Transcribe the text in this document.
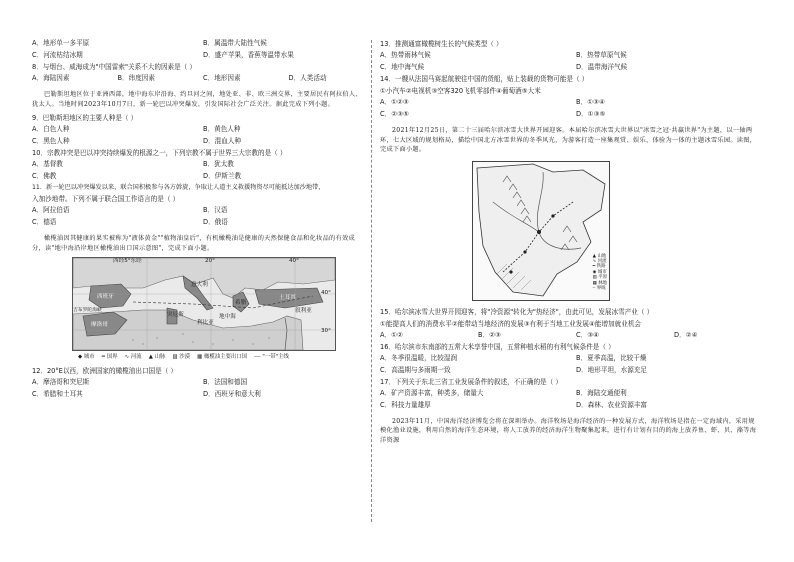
A．地形单一多平原	B．属温带大陆性气候
C．河流枯结冰期	D．盛产苹果，香蕉等温带水果
8．与烟台、威海成为"中国雷索"关系不大的因素是（ ）
A．海陆因素	B．纬度因素	C．地形因素	D．人类活动
巴勒斯坦地区位于亚洲西部，地中海东岸沿海、约旦河之间，地处亚、非、欧三洲交界，主要居民有阿拉伯人、犹太人。当地时间2023年10月7日，新一轮巴以冲突爆发，引发国际社会广泛关注。据此完成下列小题。
9．巴勒斯坦地区的主要人种是（ ）
A．白色人种	B．黄色人种
C．黑色人种	D．混血人种
10．宗教冲突是巴以冲突持续爆发的根源之一，下列宗教不属于世界三大宗教的是（ ）
A．基督教	B．犹太教
C．佛教	D．伊斯兰教
11．新一轮巴以冲突爆发以来，联合国积极参与各方斡旋，争取让人道主义救援物资尽可能抵达加沙地带，
入加沙地带。下列不属于联合国工作语言的是（ ）
A．阿拉伯语	B．汉语
C．德语	D．俄语
橄榄油因其健康的果实被称为"液体黄金""植物油皇后"，有机橄榄油是健康的天然保健食品和化妆品的有效成分，读"地中海沿岸地区橄榄油出口国示意图"，完成下面小题。
西经5°东经	20°	40°
40°
30°
西班牙
意大利
土耳其
希腊
突尼斯
摩洛哥	利比亚
叙利亚
地中海
吉布罗陀海峡
◆ 城市　 ━ 国界　 ∿ 河流　 ▲ 山脉　 ▨ 沙漠　 ▦ 橄榄油主要出口国　 ┄┄ "一带"主线
12．20°E以西，欧洲国家的橄榄油出口国是（ ）
A．摩洛哥和突尼斯	B．法国和德国
C．希腊和土耳其	D．西班牙和意大利
13．推测通富橄榄树生长的气候类型（ ）
A．热带雨林气候	B．热带草原气候
C．地中海气候	D．温带海洋气候
14．一艘从法国马赛起航驶往中国的货船，贴上装载的货物可能是（ ）
①小汽车②电视机③空客320飞机零部件④葡萄酒⑤大米
A．①②③	B．①③④
C．②③⑤	D．①③⑤
2021年12月25日，第二十三届哈尔滨冰雪大世界开园迎客。本届哈尔滨冰雪大世界以"冰雪之冠·共赢世界"为主题，以一轴两环，七大区域的规划格局，描绘中国北方冰雪世界的冬季风光，为游客打造一座集观赏、娱乐、体验为一体的主题冰雪乐园。读图，完成下面小题。
▲ 山地
∿ 河流
━ 铁路
◉ 城市
▨ 平原
▦ 林地
┄ 界线
15．哈尔滨冰雪大世界开园迎客，将"冷资源"转化为"热经济"，由此可见，发展冰雪产业（ ）
①能提高人们的消费水平②能带动当地经济的发展③有利于当地工业发展④能增加就业机会
A．①②	B．②③	C．③④	D．②④
16．哈尔滨市东南部的五常大米享誉中国，五常种植水稻的有利气候条件是（ ）
A．冬季很温暖，比较湿润	B．夏季高温，比较干燥
C．高温期与多雨期一致	D．地形平坦，水源充足
17．下列关于东北三省工业发展条件的叙述，不正确的是（ ）
A．矿产资源丰富，种类多，储量大	B．海陆交通便利
C．科技力量雄厚	D．森林、农业资源丰富
2023年11月，中国海洋经济博览会将在深圳举办。海洋牧场是海洋经济的一种发展方式，海洋牧场是指在一定海域内，采用规模化渔业设施，利用自然的海洋生态环境，将人工放养的经济海洋生物聚集起来，进行有计划有目的的海上放养鱼、虾、贝、藻等海洋资源
